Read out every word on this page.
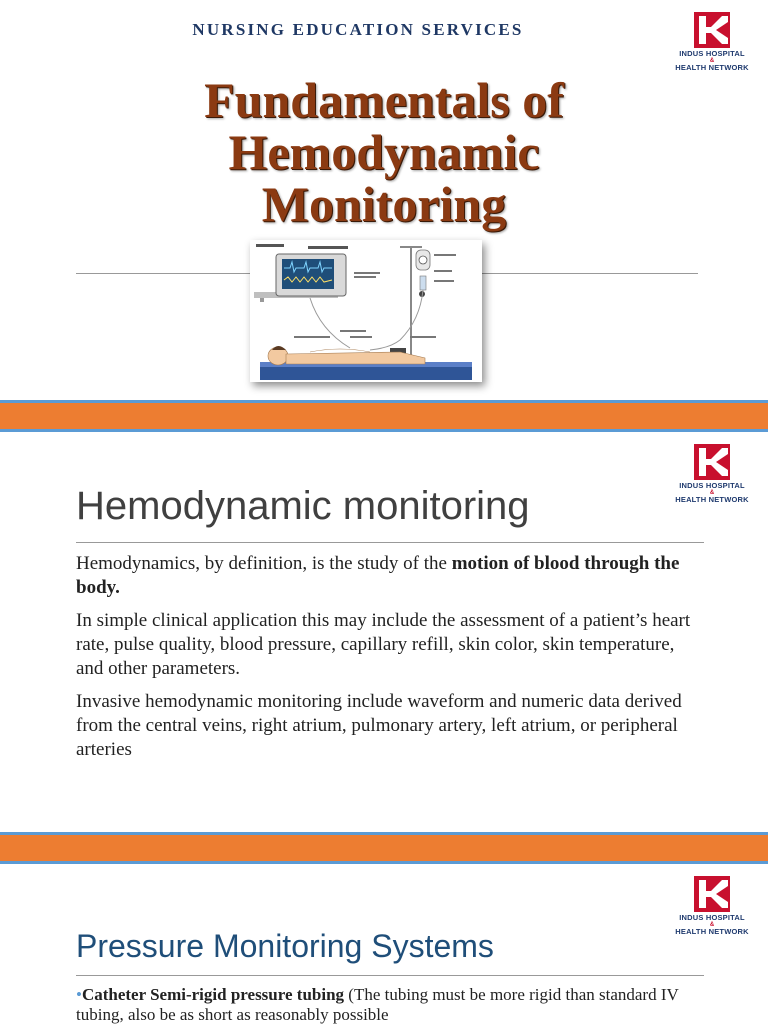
NURSING EDUCATION SERVICES
INDUS HOSPITAL
&
HEALTH NETWORK
Fundamentals of
Hemodynamic
Monitoring
INDUS HOSPITAL
&
HEALTH NETWORK
Hemodynamic monitoring

Hemodynamics, by definition, is the study of the motion of blood through the body.

In simple clinical application this may include the assessment of a patient’s heart rate, pulse quality, blood pressure, capillary refill, skin color, skin temperature, and other parameters.

Invasive hemodynamic monitoring include waveform and numeric data derived from the central veins, right atrium, pulmonary artery, left atrium, or peripheral arteries

INDUS HOSPITAL
&
HEALTH NETWORK
Pressure Monitoring Systems
•Catheter Semi-rigid pressure tubing (The tubing must be more rigid than standard IV tubing, also be as short as reasonably possible
